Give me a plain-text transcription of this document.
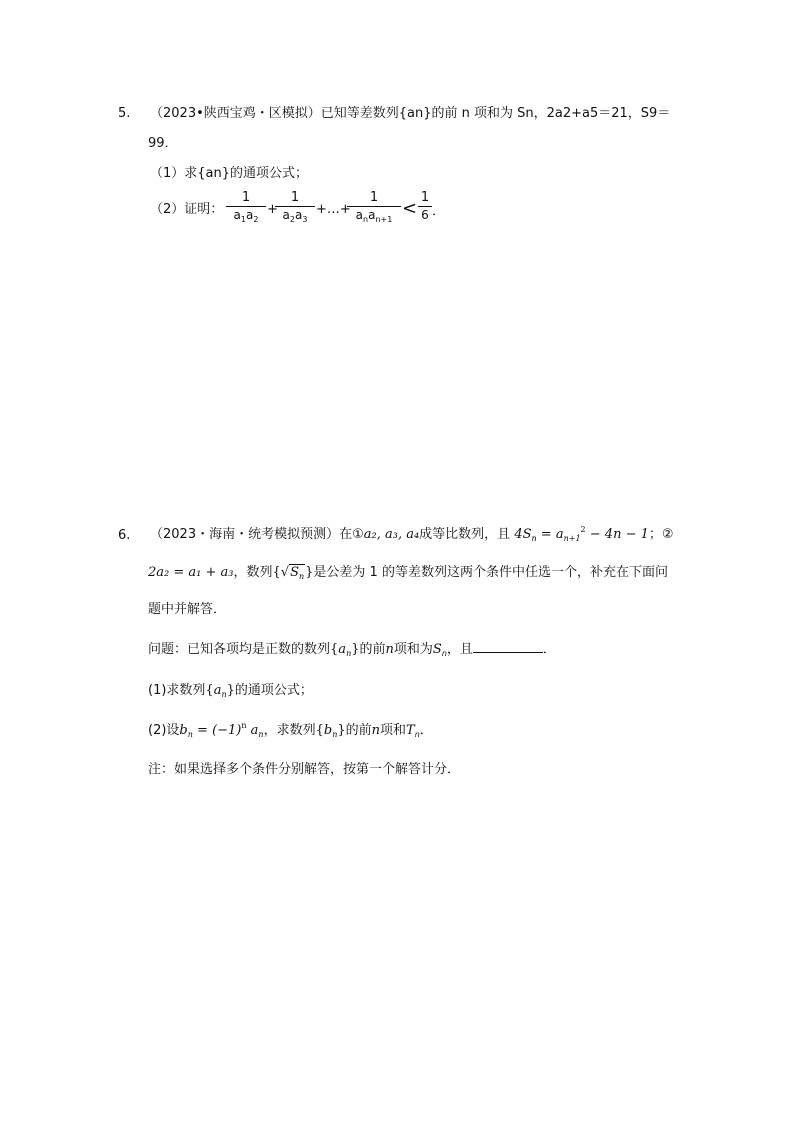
5. （2023•陕西宝鸡・区模拟）已知等差数列{an}的前 n 项和为 Sn，2a2+a5＝21，S9＝
99．
（1）求{an}的通项公式；
（2）证明：
1
$a_1a_2$
+
1
$a_2a_3$
+…+
1
$a_na_{n+1}$
<
1
6 ．
6. （2023・海南・统考模拟预测）在①a₂, a₃, a₄成等比数列，且 $4S_n = a_{n+1}^2 - 4n - 1$；②
2a₂ = a₁ + a₃，数列$\{√S_n\}$是公差为 1 的等差数列这两个条件中任选一个，补充在下面问
题中并解答．
问题：已知各项均是正数的数列$\{a_n\}$的前n项和为$S_n$，且	．
(1)求数列$\{a_n\}$的通项公式；
(2)设$b_n = (-1)^n$ $a_n$，求数列$\{b_n\}$的前n项和$T_n$．
注：如果选择多个条件分别解答，按第一个解答计分．
